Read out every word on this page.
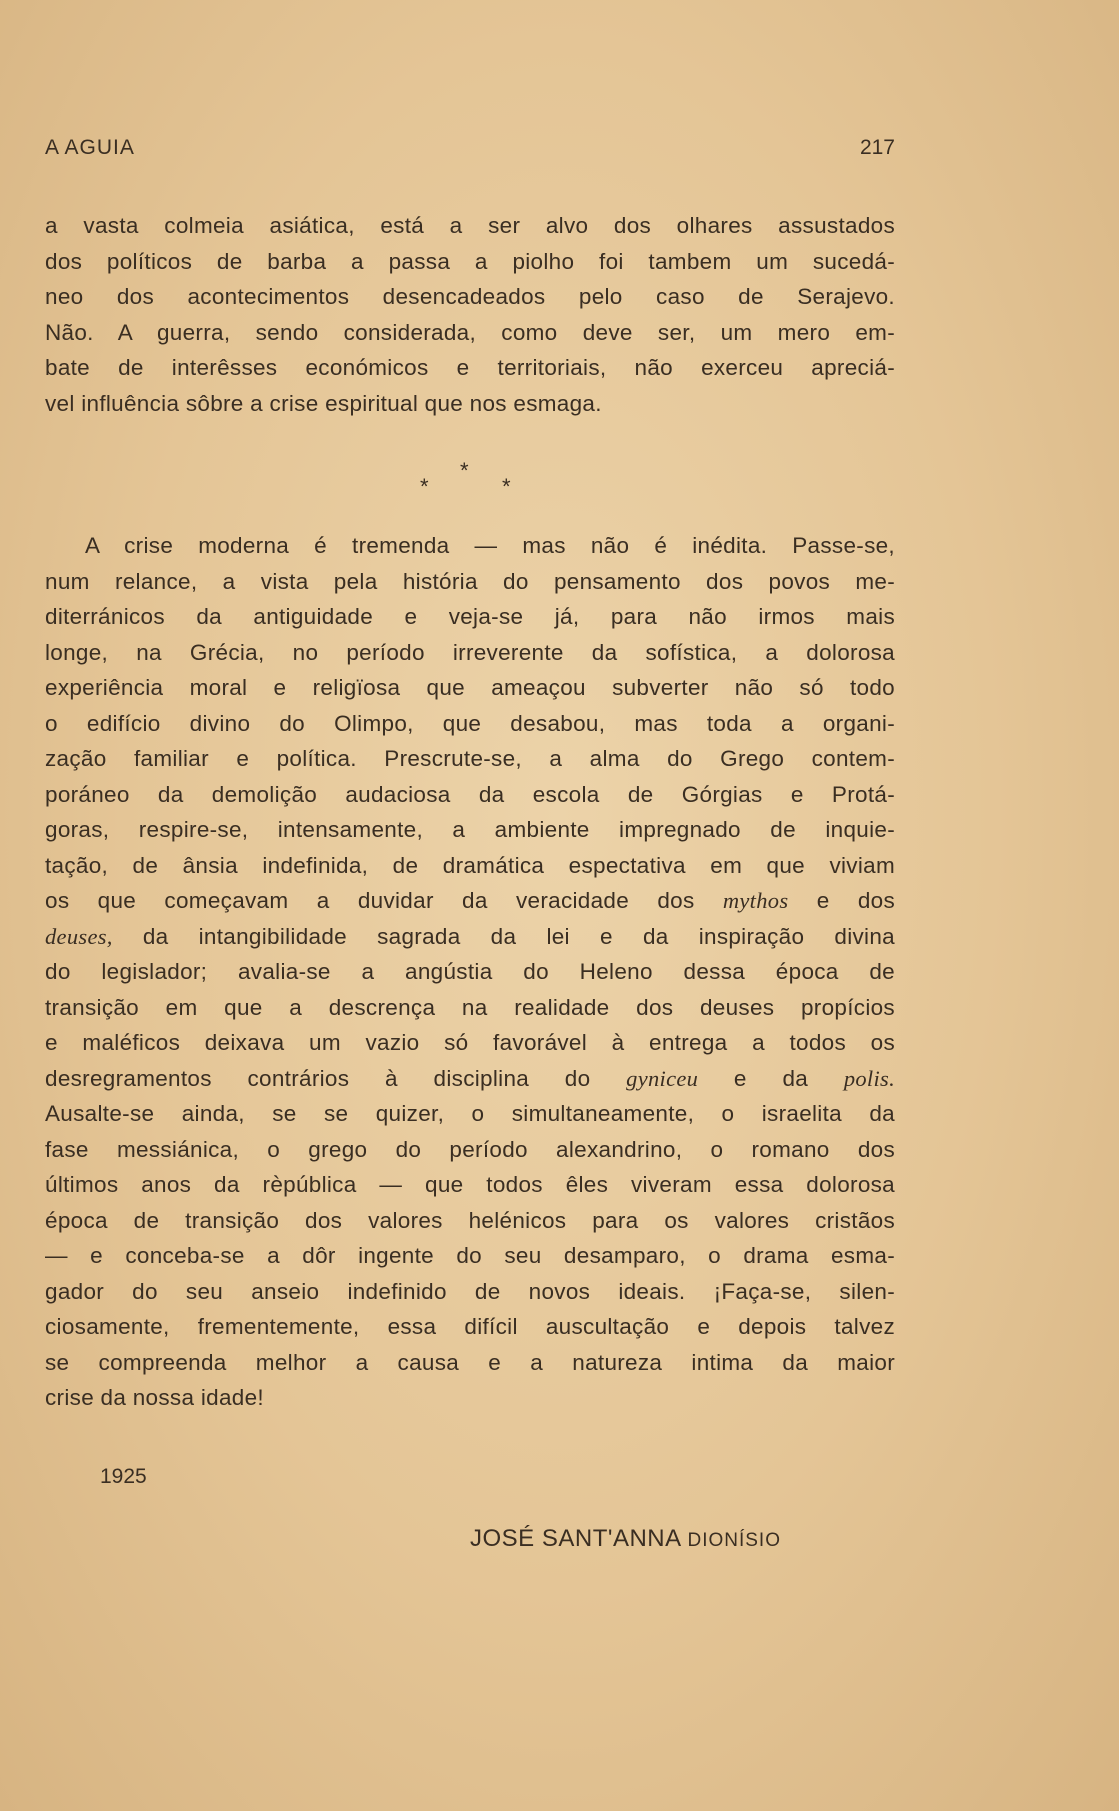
A AGUIA	217
a vasta colmeia asiática, está a ser alvo dos olhares assustados
dos políticos de barba a passa a piolho foi tambem um sucedá-
neo dos acontecimentos desencadeados pelo caso de Serajevo.
Não. A guerra, sendo considerada, como deve ser, um mero em-
bate de interêsses económicos e territoriais, não exerceu apreciá-
vel influência sôbre a crise espiritual que nos esmaga.
A crise moderna é tremenda — mas não é inédita. Passe-se,
num relance, a vista pela história do pensamento dos povos me-
diterránicos da antiguidade e veja-se já, para não irmos mais
longe, na Grécia, no período irreverente da sofística, a dolorosa
experiência moral e religïosa que ameaçou subverter não só todo
o edifício divino do Olimpo, que desabou, mas toda a organi-
zação familiar e política. Prescrute-se, a alma do Grego contem-
poráneo da demolição audaciosa da escola de Górgias e Protá-
goras, respire-se, intensamente, a ambiente impregnado de inquie-
tação, de ânsia indefinida, de dramática espectativa em que viviam
os que começavam a duvidar da veracidade dos mythos e dos
deuses, da intangibilidade sagrada da lei e da inspiração divina
do legislador; avalia-se a angústia do Heleno dessa época de
transição em que a descrença na realidade dos deuses propícios
e maléficos deixava um vazio só favorável à entrega a todos os
desregramentos contrários à disciplina do gyniceu e da polis.
Ausalte-se ainda, se se quizer, o simultaneamente, o israelita da
fase messiánica, o grego do período alexandrino, o romano dos
últimos anos da rèpública — que todos êles viveram essa dolorosa
época de transição dos valores helénicos para os valores cristãos
— e conceba-se a dôr ingente do seu desamparo, o drama esma-
gador do seu anseio indefinido de novos ideais. ¡Faça-se, silen-
ciosamente, frementemente, essa difícil auscultação e depois talvez
se compreenda melhor a causa e a natureza intima da maior
crise da nossa idade!
*
*	*
1925
JOSÉ SANT'ANNA DIONÍSIO
